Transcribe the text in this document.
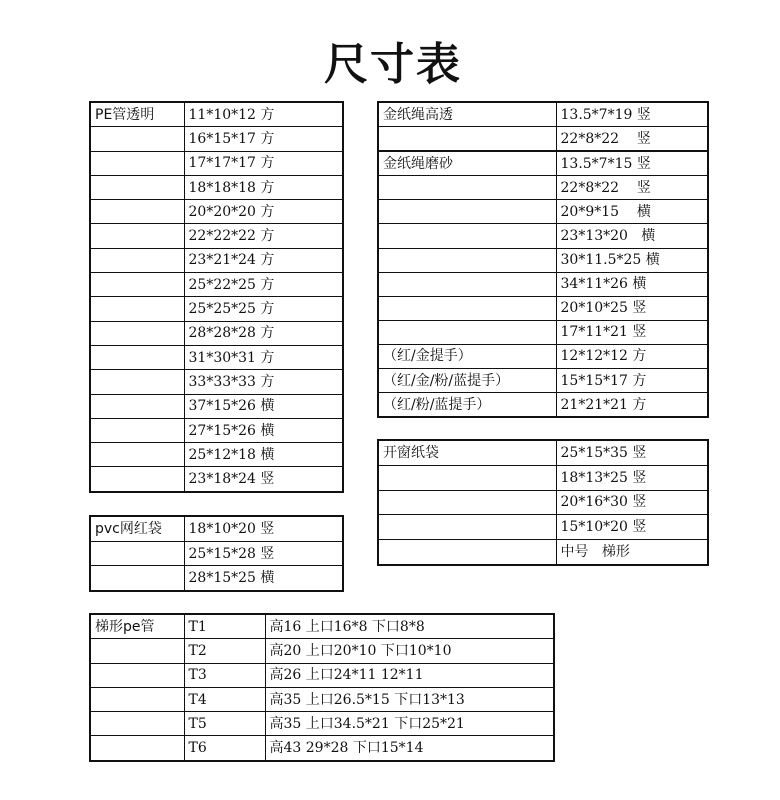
尺寸表
PE管透明	11*10*12 方
	16*15*17 方
	17*17*17 方
	18*18*18 方
	20*20*20 方
	22*22*22 方
	23*21*24 方
	25*22*25 方
	25*25*25 方
	28*28*28 方
	31*30*31 方
	33*33*33 方
	37*15*26 横
	27*15*26 横
	25*12*18 横
	23*18*24 竖
pvc网红袋	18*10*20 竖
	25*15*28 竖
	28*15*25 横
金纸绳高透	13.5*7*19 竖
	22*8*22    竖
金纸绳磨砂	13.5*7*15 竖
	22*8*22    竖
	20*9*15    横
	23*13*20   横
	30*11.5*25 横
	34*11*26 横
	20*10*25 竖
	17*11*21 竖
（红/金提手）	12*12*12 方
（红/金/粉/蓝提手）	15*15*17 方
（红/粉/蓝提手）	21*21*21 方
开窗纸袋	25*15*35 竖
	18*13*25 竖
	20*16*30 竖
	15*10*20 竖
	中号   梯形
梯形pe管	T1	高16 上口16*8 下口8*8
	T2	高20 上口20*10 下口10*10
	T3	高26 上口24*11 12*11
	T4	高35 上口26.5*15 下口13*13
	T5	高35 上口34.5*21 下口25*21
	T6	高43 29*28 下口15*14
